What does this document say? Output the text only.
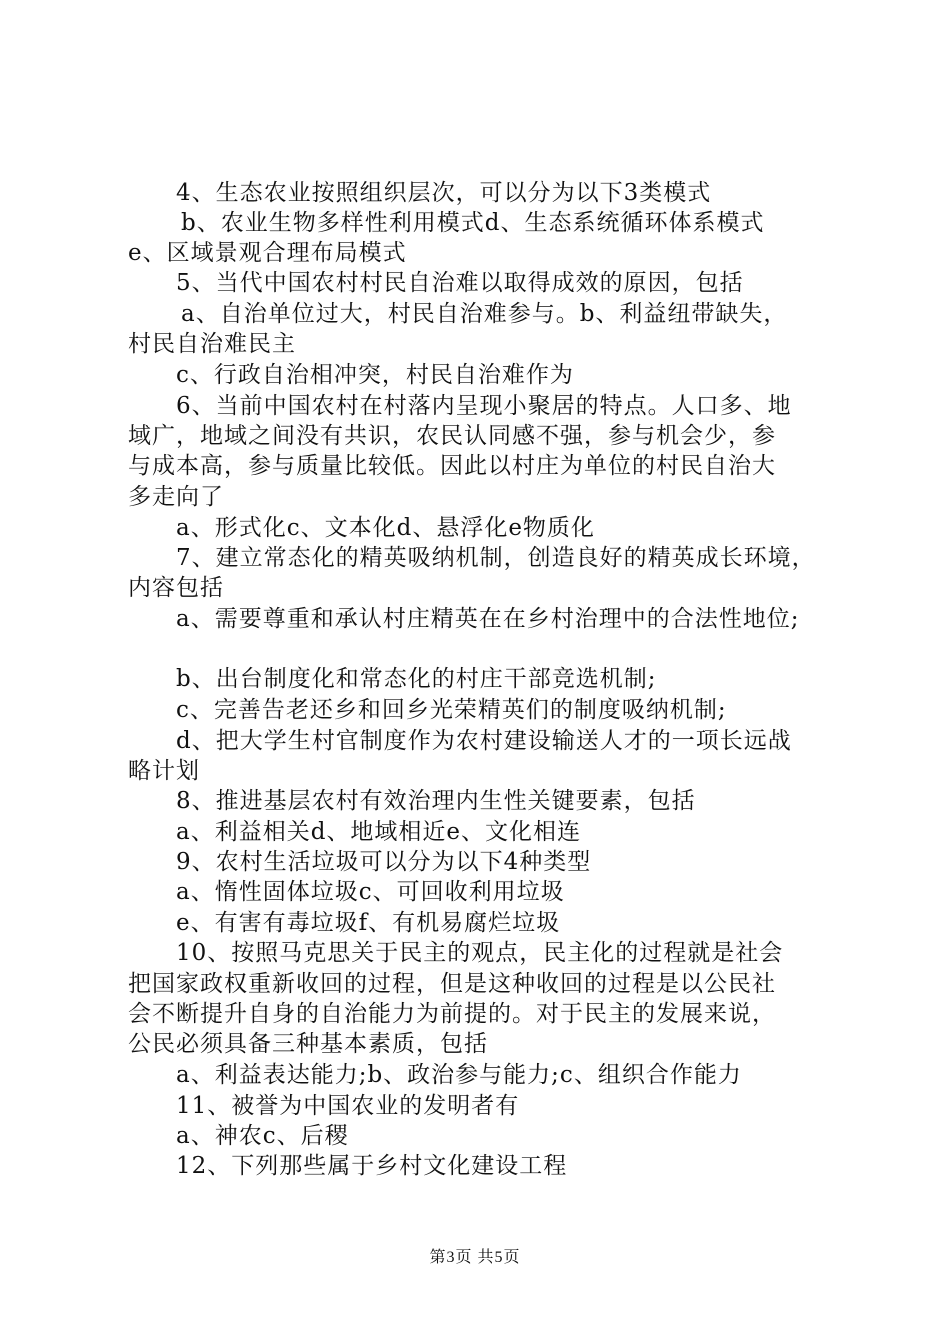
4、生态农业按照组织层次，可以分为以下3类模式
b、农业生物多样性利用模式d、生态系统循环体系模式
e、区域景观合理布局模式
5、当代中国农村村民自治难以取得成效的原因，包括
a、自治单位过大，村民自治难参与。b、利益纽带缺失，
村民自治难民主
c、行政自治相冲突，村民自治难作为
6、当前中国农村在村落内呈现小聚居的特点。人口多、地
域广，地域之间没有共识，农民认同感不强，参与机会少，参
与成本高，参与质量比较低。因此以村庄为单位的村民自治大
多走向了
a、形式化c、文本化d、悬浮化e物质化
7、建立常态化的精英吸纳机制，创造良好的精英成长环境，
内容包括
a、需要尊重和承认村庄精英在在乡村治理中的合法性地位;
b、出台制度化和常态化的村庄干部竞选机制;
c、完善告老还乡和回乡光荣精英们的制度吸纳机制;
d、把大学生村官制度作为农村建设输送人才的一项长远战
略计划
8、推进基层农村有效治理内生性关键要素，包括
a、利益相关d、地域相近e、文化相连
9、农村生活垃圾可以分为以下4种类型
a、惰性固体垃圾c、可回收利用垃圾
e、有害有毒垃圾f、有机易腐烂垃圾
10、按照马克思关于民主的观点，民主化的过程就是社会
把国家政权重新收回的过程，但是这种收回的过程是以公民社
会不断提升自身的自治能力为前提的。对于民主的发展来说，
公民必须具备三种基本素质，包括
a、利益表达能力;b、政治参与能力;c、组织合作能力
11、被誉为中国农业的发明者有
a、神农c、后稷
12、下列那些属于乡村文化建设工程
第3页 共5页
